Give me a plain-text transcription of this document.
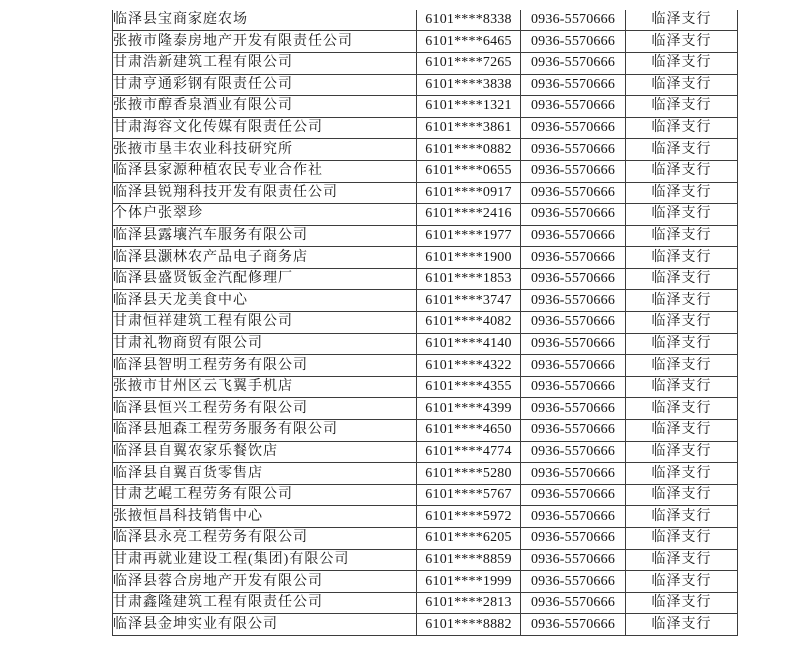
临泽县宝商家庭农场	6101****8338	0936-5570666	临泽支行
张掖市隆泰房地产开发有限责任公司	6101****6465	0936-5570666	临泽支行
甘肃浩新建筑工程有限公司	6101****7265	0936-5570666	临泽支行
甘肃亨通彩钢有限责任公司	6101****3838	0936-5570666	临泽支行
张掖市醇香泉酒业有限公司	6101****1321	0936-5570666	临泽支行
甘肃海容文化传媒有限责任公司	6101****3861	0936-5570666	临泽支行
张掖市垦丰农业科技研究所	6101****0882	0936-5570666	临泽支行
临泽县家源种植农民专业合作社	6101****0655	0936-5570666	临泽支行
临泽县锐翔科技开发有限责任公司	6101****0917	0936-5570666	临泽支行
个体户张翠珍	6101****2416	0936-5570666	临泽支行
临泽县露壤汽车服务有限公司	6101****1977	0936-5570666	临泽支行
临泽县灏林农产品电子商务店	6101****1900	0936-5570666	临泽支行
临泽县盛贤钣金汽配修理厂	6101****1853	0936-5570666	临泽支行
临泽县天龙美食中心	6101****3747	0936-5570666	临泽支行
甘肃恒祥建筑工程有限公司	6101****4082	0936-5570666	临泽支行
甘肃礼物商贸有限公司	6101****4140	0936-5570666	临泽支行
临泽县智明工程劳务有限公司	6101****4322	0936-5570666	临泽支行
张掖市甘州区云飞翼手机店	6101****4355	0936-5570666	临泽支行
临泽县恒兴工程劳务有限公司	6101****4399	0936-5570666	临泽支行
临泽县旭森工程劳务服务有限公司	6101****4650	0936-5570666	临泽支行
临泽县自翼农家乐餐饮店	6101****4774	0936-5570666	临泽支行
临泽县自翼百货零售店	6101****5280	0936-5570666	临泽支行
甘肃艺崐工程劳务有限公司	6101****5767	0936-5570666	临泽支行
张掖恒昌科技销售中心	6101****5972	0936-5570666	临泽支行
临泽县永亮工程劳务有限公司	6101****6205	0936-5570666	临泽支行
甘肃再就业建设工程(集团)有限公司	6101****8859	0936-5570666	临泽支行
临泽县蓉合房地产开发有限公司	6101****1999	0936-5570666	临泽支行
甘肃鑫隆建筑工程有限责任公司	6101****2813	0936-5570666	临泽支行
临泽县金坤实业有限公司	6101****8882	0936-5570666	临泽支行
